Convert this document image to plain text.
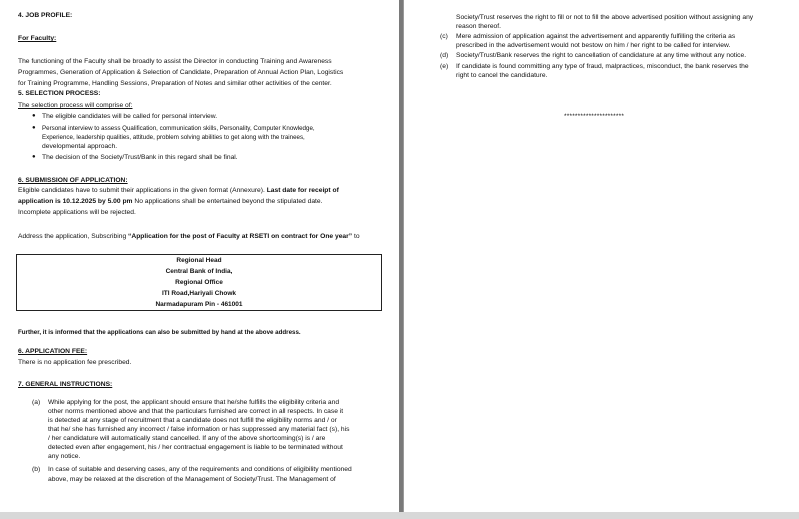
4. JOB PROFILE:
For Faculty:
The functioning of the Faculty shall be broadly to assist the Director in conducting Training and Awareness
Programmes, Generation of Application & Selection of Candidate, Preparation of Annual Action Plan, Logistics
for Training Programme, Handling Sessions, Preparation of Notes and similar other activities of the center.
5. SELECTION PROCESS:
The selection process will comprise of:
● The eligible candidates will be called for personal interview.
● Personal interview to assess Qualification, communication skills, Personality, Computer Knowledge,
Experience, leadership qualities, attitude, problem solving abilities to get along with the trainees,
developmental approach.
● The decision of the Society/Trust/Bank in this regard shall be final.
6. SUBMISSION OF APPLICATION:
Eligible candidates have to submit their applications in the given format (Annexure). Last date for receipt of
application is 10.12.2025 by 5.00 pm No applications shall be entertained beyond the stipulated date.
Incomplete applications will be rejected.
Address the application, Subscribing “Application for the post of Faculty at RSETI on contract for One year” to
Regional Head
Central Bank of India,
Regional Office
ITI Road,Hariyali Chowk
Narmadapuram Pin - 461001
Further, it is informed that the applications can also be submitted by hand at the above address.
6. APPLICATION FEE:
There is no application fee prescribed.
7. GENERAL INSTRUCTIONS:
(a) While applying for the post, the applicant should ensure that he/she fulfills the eligibility criteria and
other norms mentioned above and that the particulars furnished are correct in all respects. In case it
is detected at any stage of recruitment that a candidate does not fulfill the eligibility norms and / or
that he/ she has furnished any incorrect / false information or has suppressed any material fact (s), his
/ her candidature will automatically stand cancelled. If any of the above shortcoming(s) is / are
detected even after engagement, his / her contractual engagement is liable to be terminated without
any notice.
(b) In case of suitable and deserving cases, any of the requirements and conditions of eligibility mentioned
above, may be relaxed at the discretion of the Management of Society/Trust. The Management of
Society/Trust reserves the right to fill or not to fill the above advertised position without assigning any
reason thereof.
(c) Mere admission of application against the advertisement and apparently fulfilling the criteria as
prescribed in the advertisement would not bestow on him / her right to be called for interview.
(d) Society/Trust/Bank reserves the right to cancellation of candidature at any time without any notice.
(e) If candidate is found committing any type of fraud, malpractices, misconduct, the bank reserves the
right to cancel the candidature.
**********************
